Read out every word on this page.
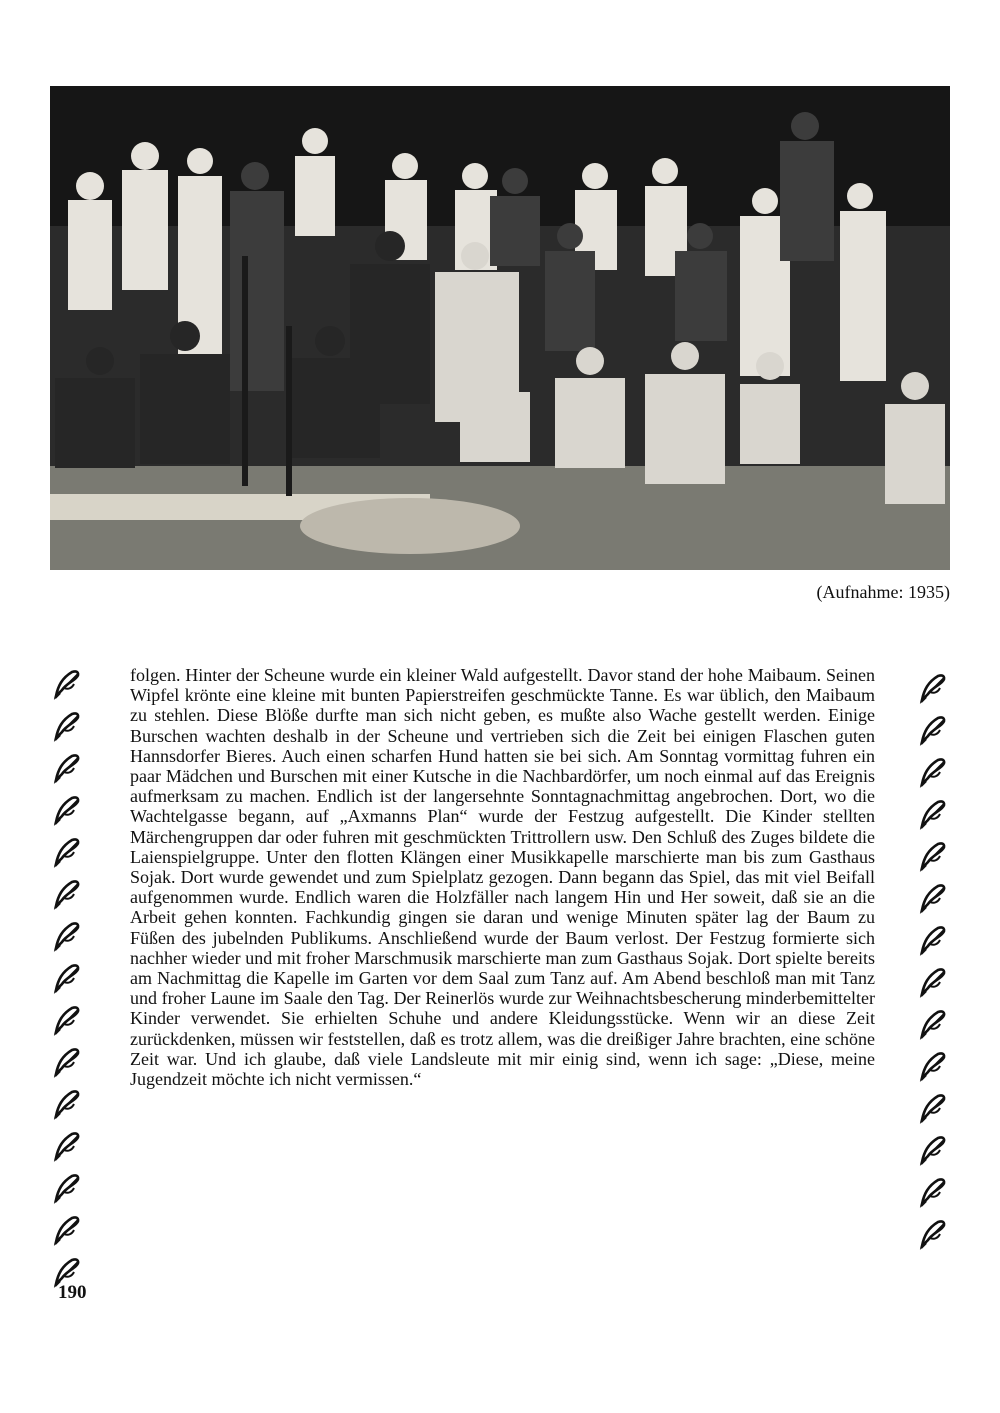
(Aufnahme: 1935)

folgen. Hinter der Scheune wurde ein kleiner Wald aufgestellt. Davor stand der hohe Maibaum. Seinen Wipfel krönte eine kleine mit bunten Papierstreifen geschmückte Tanne. Es war üblich, den Maibaum zu stehlen. Diese Blöße durfte man sich nicht geben, es mußte also Wache gestellt werden. Einige Burschen wachten deshalb in der Scheune und vertrieben sich die Zeit bei einigen Flaschen guten Hannsdorfer Bieres. Auch einen scharfen Hund hatten sie bei sich. Am Sonntag vormittag fuhren ein paar Mädchen und Burschen mit einer Kutsche in die Nachbardörfer, um noch einmal auf das Ereignis aufmerksam zu machen. Endlich ist der langersehnte Sonntagnachmittag angebrochen. Dort, wo die Wachtelgasse begann, auf „Axmanns Plan“ wurde der Festzug aufgestellt. Die Kinder stellten Märchengruppen dar oder fuhren mit geschmückten Trittrollern usw. Den Schluß des Zuges bildete die Laienspielgruppe. Unter den flotten Klängen einer Musikkapelle marschierte man bis zum Gasthaus Sojak. Dort wurde gewendet und zum Spielplatz gezogen. Dann begann das Spiel, das mit viel Beifall aufgenommen wurde. Endlich waren die Holzfäller nach langem Hin und Her soweit, daß sie an die Arbeit gehen konnten. Fachkundig gingen sie daran und wenige Minuten später lag der Baum zu Füßen des jubelnden Publikums. Anschließend wurde der Baum verlost. Der Festzug formierte sich nachher wieder und mit froher Marschmusik marschierte man zum Gasthaus Sojak. Dort spielte bereits am Nachmittag die Kapelle im Garten vor dem Saal zum Tanz auf. Am Abend beschloß man mit Tanz und froher Laune im Saale den Tag. Der Reinerlös wurde zur Weihnachtsbescherung minderbemittelter Kinder verwendet. Sie erhielten Schuhe und andere Kleidungsstücke. Wenn wir an diese Zeit zurückdenken, müssen wir feststellen, daß es trotz allem, was die dreißiger Jahre brachten, eine schöne Zeit war. Und ich glaube, daß viele Landsleute mit mir einig sind, wenn ich sage: „Diese, meine Jugendzeit möchte ich nicht vermissen.“

190
